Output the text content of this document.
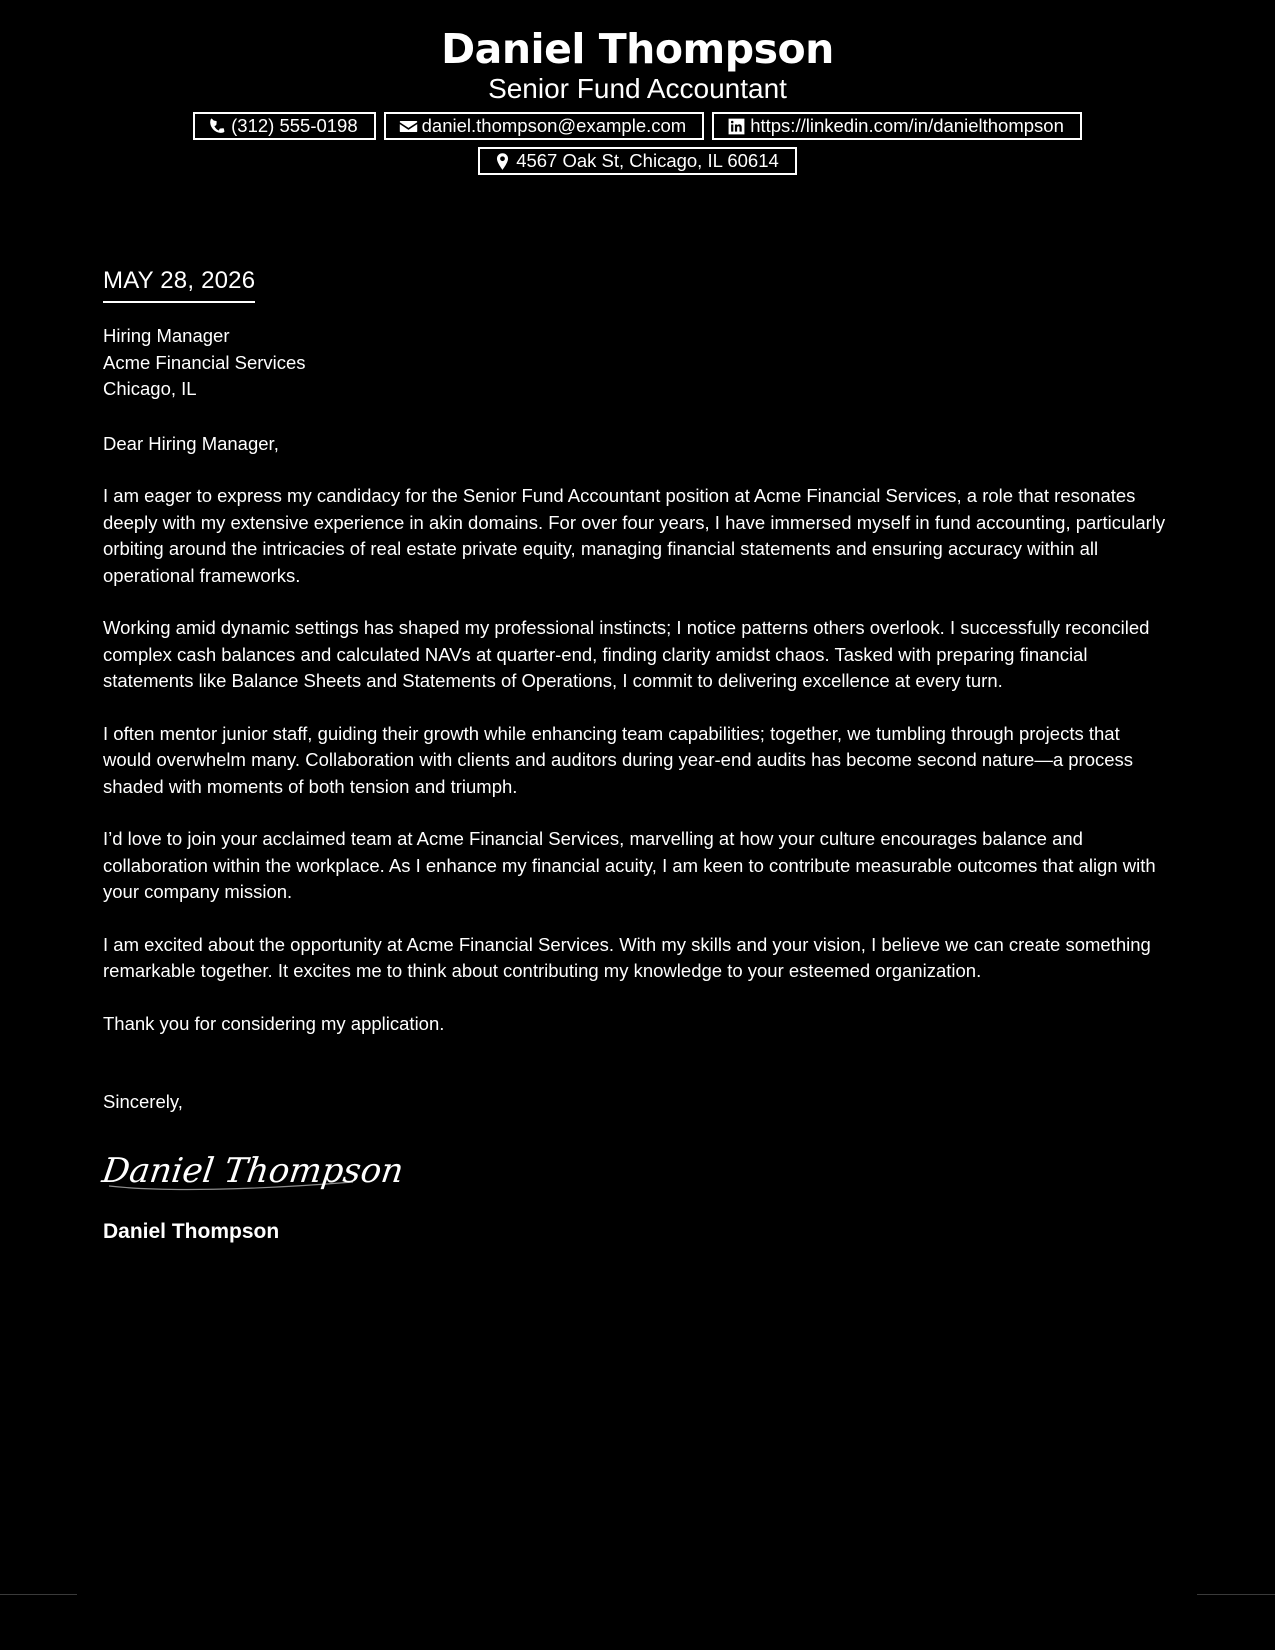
Daniel Thompson
Senior Fund Accountant
(312) 555-0198	daniel.thompson@example.com	https://linkedin.com/in/danielthompson
4567 Oak St, Chicago, IL 60614
MAY 28, 2026
Hiring Manager
Acme Financial Services
Chicago, IL
Dear Hiring Manager,
I am eager to express my candidacy for the Senior Fund Accountant position at Acme Financial Services, a role that resonates deeply with my extensive experience in akin domains. For over four years, I have immersed myself in fund accounting, particularly orbiting around the intricacies of real estate private equity, managing financial statements and ensuring accuracy within all operational frameworks.
Working amid dynamic settings has shaped my professional instincts; I notice patterns others overlook. I successfully reconciled complex cash balances and calculated NAVs at quarter-end, finding clarity amidst chaos. Tasked with preparing financial statements like Balance Sheets and Statements of Operations, I commit to delivering excellence at every turn.
I often mentor junior staff, guiding their growth while enhancing team capabilities; together, we tumbling through projects that would overwhelm many. Collaboration with clients and auditors during year-end audits has become second nature—a process shaded with moments of both tension and triumph.
I’d love to join your acclaimed team at Acme Financial Services, marvelling at how your culture encourages balance and collaboration within the workplace. As I enhance my financial acuity, I am keen to contribute measurable outcomes that align with your company mission.
I am excited about the opportunity at Acme Financial Services. With my skills and your vision, I believe we can create something remarkable together. It excites me to think about contributing my knowledge to your esteemed organization.
Thank you for considering my application.
Sincerely,
Daniel Thompson
Daniel Thompson
